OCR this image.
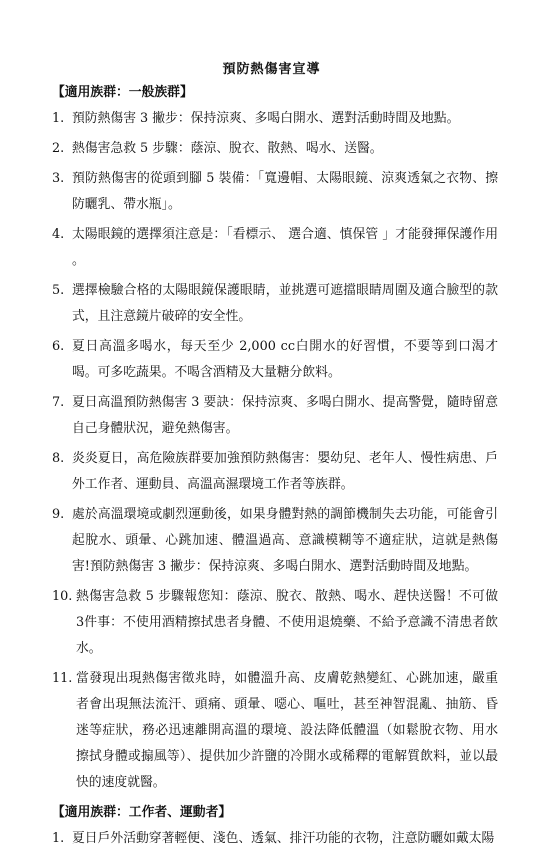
預防熱傷害宣導
【適用族群：一般族群】
1. 預防熱傷害 3 撇步：保持涼爽、多喝白開水、選對活動時間及地點。
2. 熱傷害急救 5 步驟：蔭涼、脫衣、散熱、喝水、送醫。
3. 預防熱傷害的從頭到腳 5 裝備：「寬邊帽、太陽眼鏡、涼爽透氣之衣物、擦防曬乳、帶水瓶」。
4. 太陽眼鏡的選擇須注意是：「看標示、 選合適、慎保管 」才能發揮保護作用 。
5. 選擇檢驗合格的太陽眼鏡保護眼睛，並挑選可遮擋眼睛周圍及適合臉型的款式，且注意鏡片破碎的安全性。
6. 夏日高溫多喝水，每天至少 2,000 cc白開水的好習慣，不要等到口渴才喝。可多吃蔬果。不喝含酒精及大量糖分飲料。
7. 夏日高溫預防熱傷害 3 要訣：保持涼爽、多喝白開水、提高警覺，隨時留意自己身體狀況，避免熱傷害。
8. 炎炎夏日，高危險族群要加強預防熱傷害：嬰幼兒、老年人、慢性病患、戶外工作者、運動員、高溫高濕環境工作者等族群。
9. 處於高溫環境或劇烈運動後，如果身體對熱的調節機制失去功能，可能會引起脫水、頭暈、心跳加速、體溫過高、意識模糊等不適症狀，這就是熱傷害!預防熱傷害 3 撇步：保持涼爽、多喝白開水、選對活動時間及地點。
10. 熱傷害急救 5 步驟報您知：蔭涼、脫衣、散熱、喝水、趕快送醫！不可做 3件事：不使用酒精擦拭患者身體、不使用退燒藥、不給予意識不清患者飲水。
11. 當發現出現熱傷害徵兆時，如體溫升高、皮膚乾熱變紅、心跳加速，嚴重者會出現無法流汗、頭痛、頭暈、噁心、嘔吐，甚至神智混亂、抽筋、昏迷等症狀，務必迅速離開高溫的環境、設法降低體溫（如鬆脫衣物、用水擦拭身體或搧風等）、提供加少許鹽的冷開水或稀釋的電解質飲料，並以最快的速度就醫。
【適用族群：工作者、運動者】
1. 夏日戶外活動穿著輕便、淺色、透氣、排汗功能的衣物，注意防曬如戴太陽
